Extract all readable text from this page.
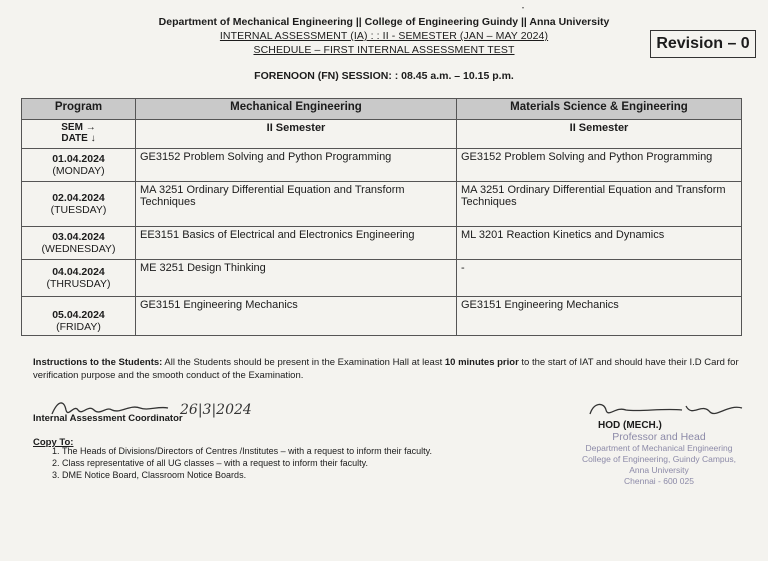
᛫
Department of Mechanical Engineering || College of Engineering Guindy || Anna University
INTERNAL ASSESSMENT (IA) : : II - SEMESTER (JAN – MAY 2024)
SCHEDULE – FIRST INTERNAL ASSESSMENT TEST	Revision – 0
FORENOON (FN) SESSION: : 08.45 a.m. – 10.15 p.m.
Program	Mechanical Engineering	Materials Science & Engineering

SEM →
DATE ↓	II Semester	II Semester

01.04.2024
(MONDAY)	GE3152 Problem Solving and Python Programming	GE3152 Problem Solving and Python Programming

02.04.2024
(TUESDAY)	MA 3251 Ordinary Differential Equation and Transform Techniques	MA 3251 Ordinary Differential Equation and Transform Techniques

03.04.2024
(WEDNESDAY)	EE3151 Basics of Electrical and Electronics Engineering	ML 3201 Reaction Kinetics and Dynamics

04.04.2024
(THRUSDAY)	ME 3251 Design Thinking	-

05.04.2024
(FRIDAY)	GE3151 Engineering Mechanics	GE3151 Engineering Mechanics
Instructions to the Students: All the Students should be present in the Examination Hall at least 10 minutes prior to the start of IAT and should have their I.D Card for verification purpose and the smooth conduct of the Examination.
26|3|2024
Internal Assessment Coordinator
HOD (MECH.)
Professor and Head
Department of Mechanical Engineering
College of Engineering, Guindy Campus,
Anna University
Chennai - 600 025
Copy To:
1. The Heads of Divisions/Directors of Centres /Institutes – with a request to inform their faculty.
2. Class representative of all UG classes – with a request to inform their faculty.
3. DME Notice Board, Classroom Notice Boards.
